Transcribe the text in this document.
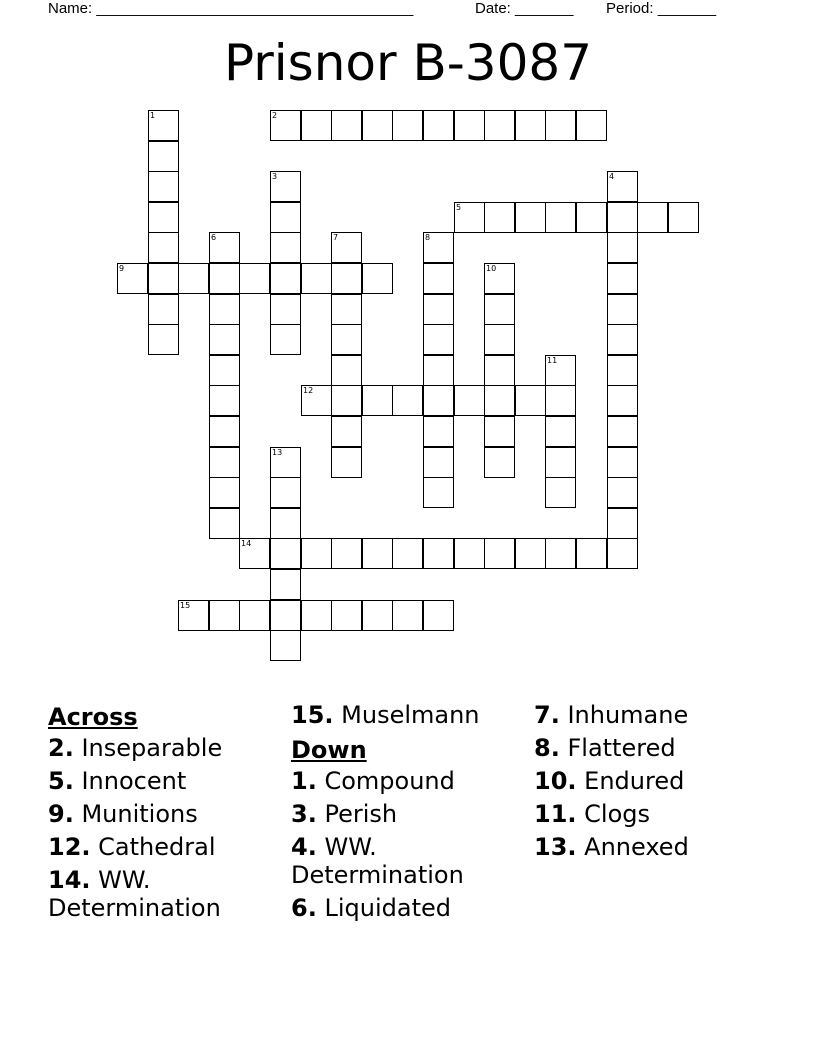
Name: ______________________________________	Date: _______ Period: _______
Prisnor B-3087
1	2
3	4
5
6	7	8
9	10
11
12
13
14
15
Across
2. Inseparable
5. Innocent
9. Munitions
12. Cathedral
14. WW. Determination
15. Muselmann
Down
1. Compound
3. Perish
4. WW. Determination
6. Liquidated
7. Inhumane
8. Flattered
10. Endured
11. Clogs
13. Annexed
